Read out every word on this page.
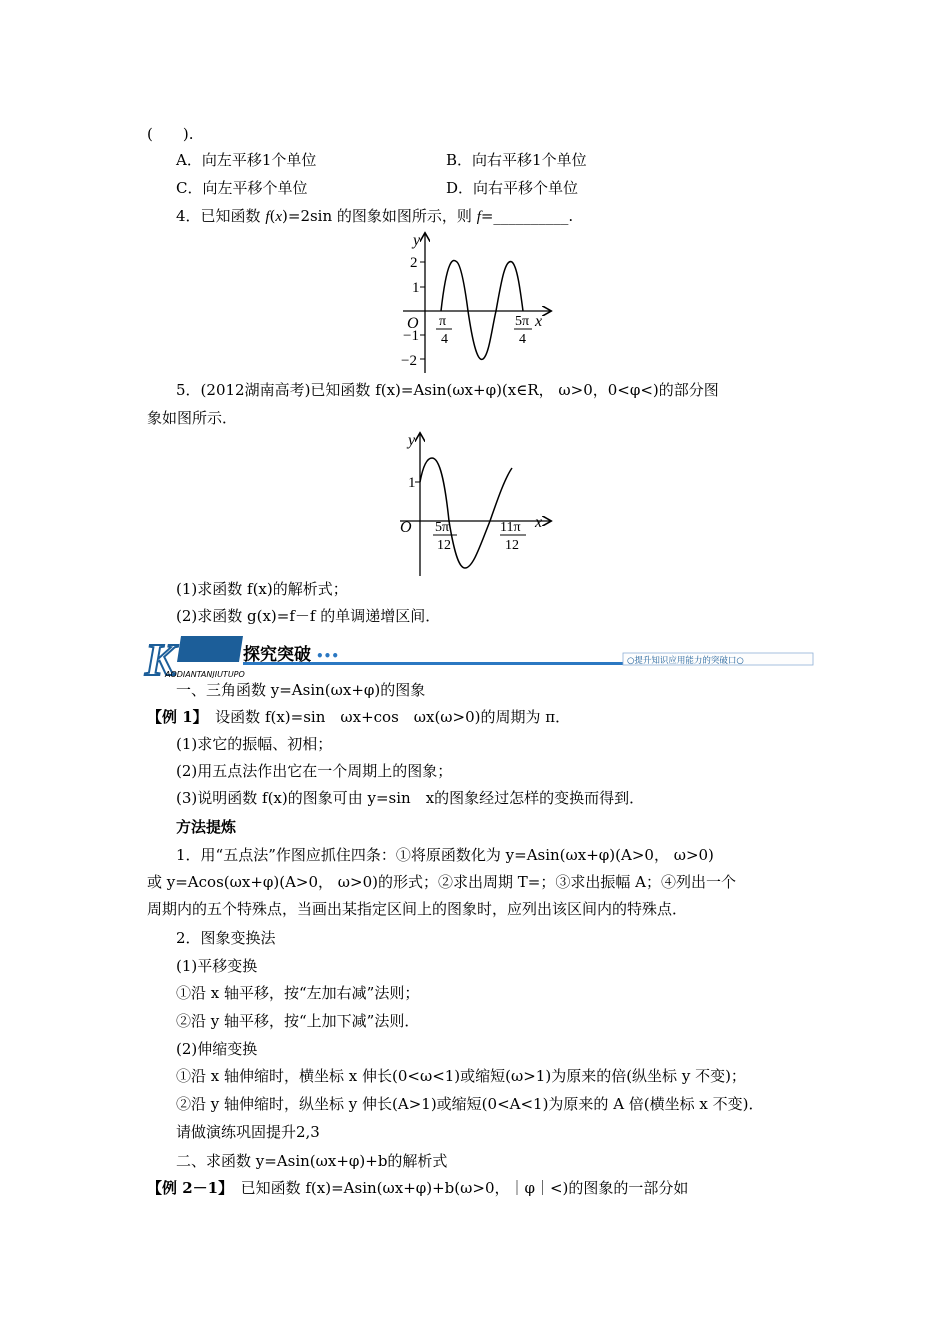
(　　).
A．向左平移1个单位	B．向右平移1个单位
C．向左平移个单位	D．向右平移个单位
4．已知函数 f(x)=2sin 的图象如图所示，则 f=__________.
y
x
O
2
1
−1
−2
π
4
5π
4
5．(2012湖南高考)已知函数 f(x)=Asin(ωx+φ)(x∈R， ω>0，0<φ<)的部分图
象如图所示．
y
x
O
1
5π
12
11π
12
(1)求函数 f(x)的解析式；
(2)求函数 g(x)=f－f 的单调递增区间．
K	探究突破 •••
AODIANTANJIUTUPO
○提升知识应用能力的突破口○
一、三角函数 y=Asin(ωx+φ)的图象
【例 1】　设函数 f(x)=sin　ωx+cos　ωx(ω>0)的周期为 π．
(1)求它的振幅、初相；
(2)用五点法作出它在一个周期上的图象；
(3)说明函数 f(x)的图象可由 y=sin　x的图象经过怎样的变换而得到．
方法提炼
1．用“五点法”作图应抓住四条：①将原函数化为 y=Asin(ωx+φ)(A>0， ω>0)
或 y=Acos(ωx+φ)(A>0， ω>0)的形式；②求出周期 T=；③求出振幅 A；④列出一个
周期内的五个特殊点，当画出某指定区间上的图象时，应列出该区间内的特殊点．
2．图象变换法
(1)平移变换
①沿 x 轴平移，按“左加右减”法则；
②沿 y 轴平移，按“上加下减”法则．
(2)伸缩变换
①沿 x 轴伸缩时，横坐标 x 伸长(0<ω<1)或缩短(ω>1)为原来的倍(纵坐标 y 不变)；
②沿 y 轴伸缩时，纵坐标 y 伸长(A>1)或缩短(0<A<1)为原来的 A 倍(横坐标 x 不变)．
请做演练巩固提升2,3
二、求函数 y=Asin(ωx+φ)+b的解析式
【例 2－1】　已知函数 f(x)=Asin(ωx+φ)+b(ω>0，｜φ｜<)的图象的一部分如
